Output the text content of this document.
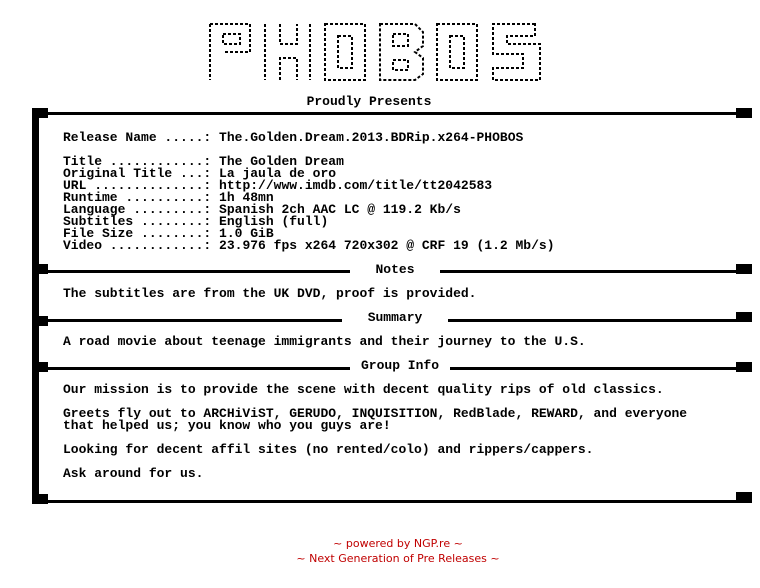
Proudly Presents
Notes
Summary
Group Info
Release Name .....: The.Golden.Dream.2013.BDRip.x264-PHOBOS
Title ............: The Golden Dream
Original Title ...: La jaula de oro
URL ..............: http://www.imdb.com/title/tt2042583
Runtime ..........: 1h 48mn
Language .........: Spanish 2ch AAC LC @ 119.2 Kb/s
Subtitles ........: English (full)
File Size ........: 1.0 GiB
Video ............: 23.976 fps x264 720x302 @ CRF 19 (1.2 Mb/s)
The subtitles are from the UK DVD, proof is provided.
A road movie about teenage immigrants and their journey to the U.S.
Our mission is to provide the scene with decent quality rips of old classics.
Greets fly out to ARCHiViST, GERUDO, INQUISITION, RedBlade, REWARD, and everyone
that helped us; you know who you guys are!
Looking for decent affil sites (no rented/colo) and rippers/cappers.
Ask around for us.
~ powered by NGP.re ~
~ Next Generation of Pre Releases ~
